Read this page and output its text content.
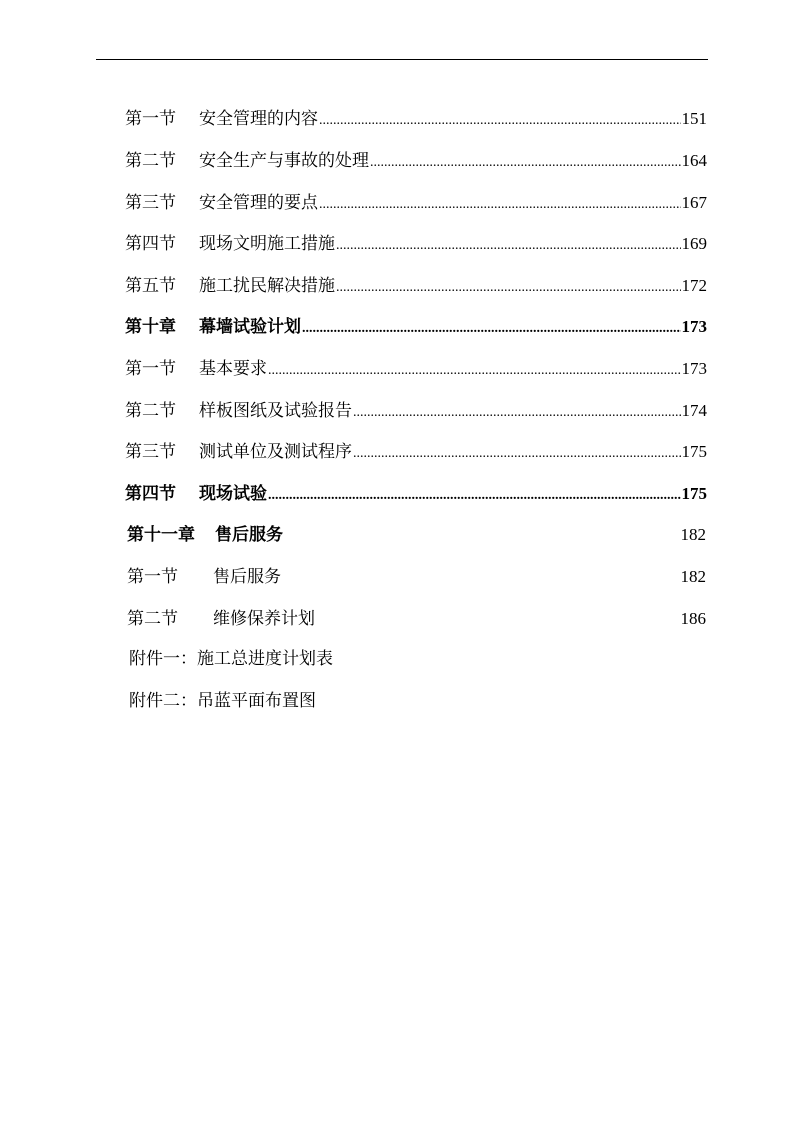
第一节	安全管理的内容 .....	151
第二节	安全生产与事故的处理 .....	164
第三节	安全管理的要点 .....	167
第四节	现场文明施工措施 .....	169
第五节	施工扰民解决措施 .....	172
第十章	幕墙试验计划 .....	173
第一节	基本要求 .....	173
第二节	样板图纸及试验报告 .....	174
第三节	测试单位及测试程序 .....	175
第四节	现场试验 .....	175
第十一章	售后服务	182
第一节	售后服务	182
第二节	维修保养计划	186
附件一：施工总进度计划表
附件二：吊蓝平面布置图
